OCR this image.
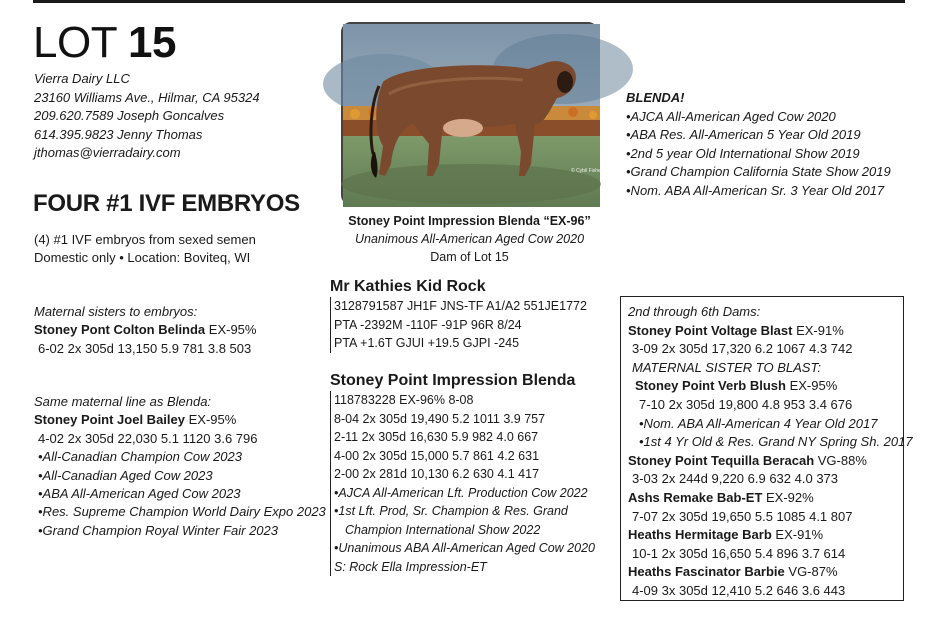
LOT 15
Vierra Dairy LLC
23160 Williams Ave., Hilmar, CA 95324
209.620.7589 Joseph Goncalves
614.395.9823 Jenny Thomas
jthomas@vierradairy.com
FOUR #1 IVF EMBRYOS
(4) #1 IVF embryos from sexed semen
Domestic only • Location: Boviteq, WI
Maternal sisters to embryos:
Stoney Pont Colton Belinda EX-95%
6-02 2x 305d 13,150 5.9 781 3.8 503
Same maternal line as Blenda:
Stoney Point Joel Bailey EX-95%
4-02 2x 305d 22,030 5.1 1120 3.6 796
•All-Canadian Champion Cow 2023
•All-Canadian Aged Cow 2023
•ABA All-American Aged Cow 2023
•Res. Supreme Champion World Dairy Expo 2023
•Grand Champion Royal Winter Fair 2023
© Cybil Fisher
Stoney Point Impression Blenda “EX-96”
Unanimous All-American Aged Cow 2020
Dam of Lot 15
Mr Kathies Kid Rock
3128791587 JH1F JNS-TF A1/A2 551JE1772
PTA -2392M -110F -91P 96R 8/24
PTA +1.6T GJUI +19.5 GJPI -245
Stoney Point Impression Blenda
118783228 EX-96% 8-08
8-04 2x 305d 19,490 5.2 1011 3.9 757
2-11 2x 305d 16,630 5.9 982 4.0 667
4-00 2x 305d 15,000 5.7 861 4.2 631
2-00 2x 281d 10,130 6.2 630 4.1 417
•AJCA All-American Lft. Production Cow 2022
•1st Lft. Prod, Sr. Champion & Res. Grand
Champion International Show 2022
•Unanimous ABA All-American Aged Cow 2020
S: Rock Ella Impression-ET
BLENDA!
•AJCA All-American Aged Cow 2020
•ABA Res. All-American 5 Year Old 2019
•2nd 5 year Old International Show 2019
•Grand Champion California State Show 2019
•Nom. ABA All-American Sr. 3 Year Old 2017
2nd through 6th Dams:
Stoney Point Voltage Blast EX-91%
3-09 2x 305d 17,320 6.2 1067 4.3 742
MATERNAL SISTER TO BLAST:
Stoney Point Verb Blush EX-95%
7-10 2x 305d 19,800 4.8 953 3.4 676
•Nom. ABA All-American 4 Year Old 2017
•1st 4 Yr Old & Res. Grand NY Spring Sh. 2017
Stoney Point Tequilla Beracah VG-88%
3-03 2x 244d 9,220 6.9 632 4.0 373
Ashs Remake Bab-ET EX-92%
7-07 2x 305d 19,650 5.5 1085 4.1 807
Heaths Hermitage Barb EX-91%
10-1 2x 305d 16,650 5.4 896 3.7 614
Heaths Fascinator Barbie VG-87%
4-09 3x 305d 12,410 5.2 646 3.6 443
